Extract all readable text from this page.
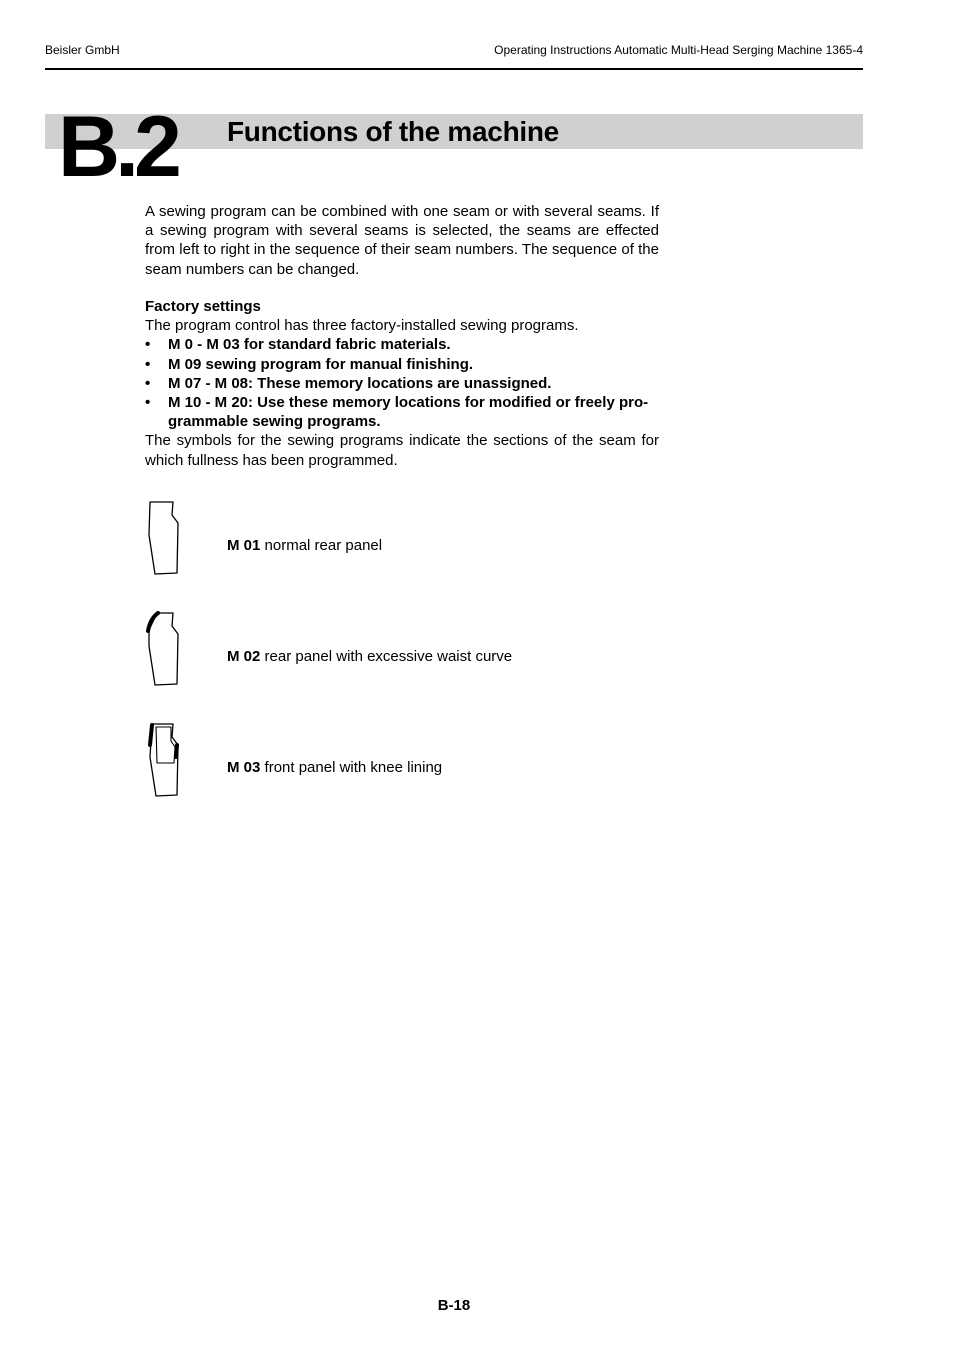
Beisler GmbH	Operating Instructions Automatic Multi-Head Serging Machine 1365-4
B.2 Functions of the machine
A sewing program can be combined with one seam or with several seams. If a sewing program with several seams is selected, the seams are effected from left to right in the sequence of their seam numbers. The sequence of the seam numbers can be changed.

Factory settings

The program control has three factory-installed sewing programs.

• M 0 - M 03 for standard fabric materials.
• M 09 sewing program for manual finishing.
• M 07 - M 08: These memory locations are unassigned.
• M 10 - M 20: Use these memory locations for modified or freely pro-grammable sewing programs.

The symbols for the sewing programs indicate the sections of the seam for which fullness has been programmed.

M 01 normal rear panel
M 02 rear panel with excessive waist curve
M 03 front panel with knee lining
B-18
